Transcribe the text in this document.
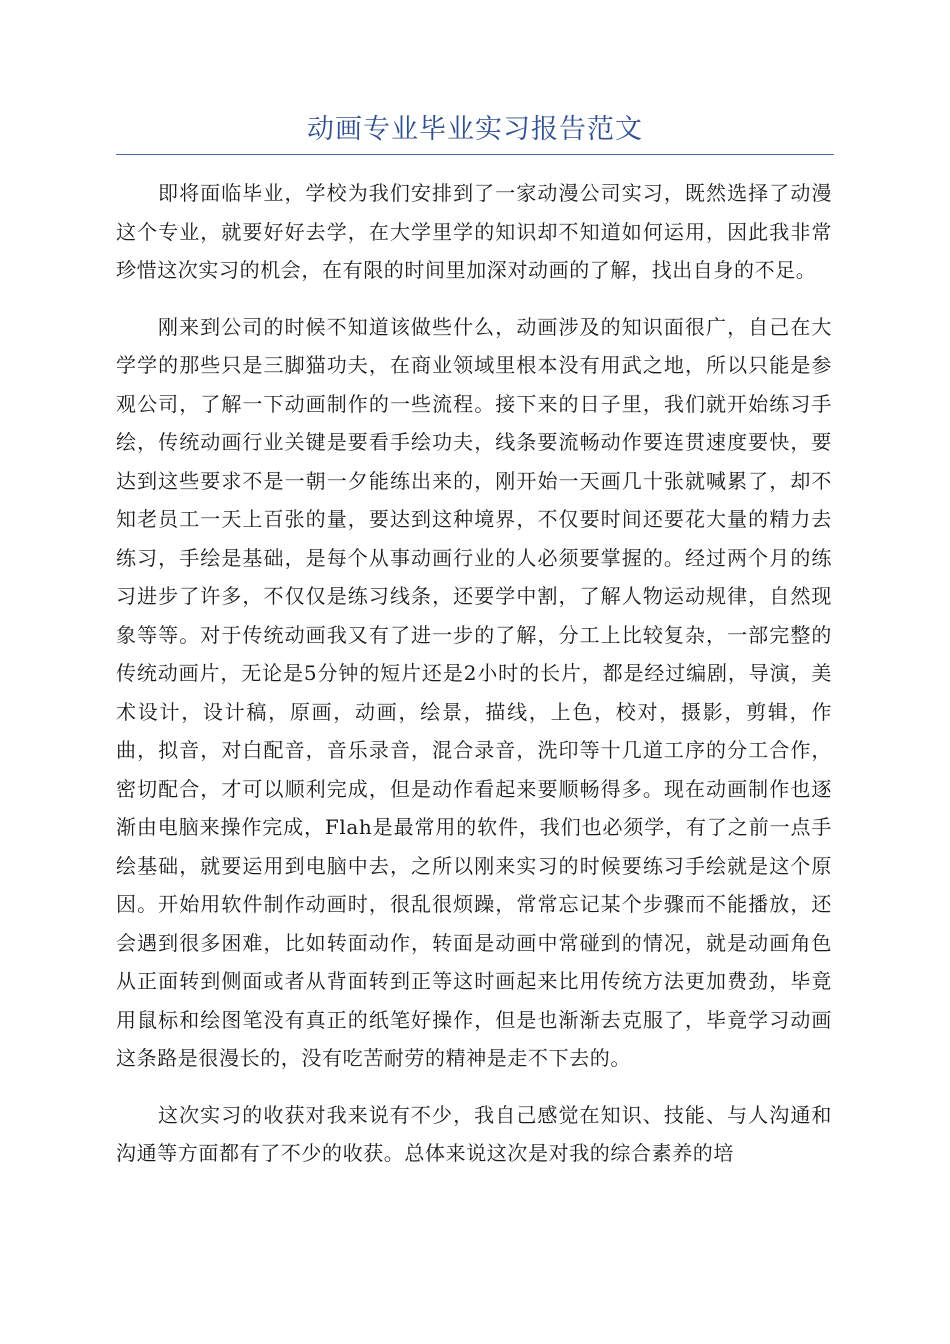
动画专业毕业实习报告范文

即将面临毕业，学校为我们安排到了一家动漫公司实习，既然选择了动漫这个专业，就要好好去学，在大学里学的知识却不知道如何运用，因此我非常珍惜这次实习的机会，在有限的时间里加深对动画的了解，找出自身的不足。

刚来到公司的时候不知道该做些什么，动画涉及的知识面很广，自己在大学学的那些只是三脚猫功夫，在商业领域里根本没有用武之地，所以只能是参观公司，了解一下动画制作的一些流程。接下来的日子里，我们就开始练习手绘，传统动画行业关键是要看手绘功夫，线条要流畅动作要连贯速度要快，要达到这些要求不是一朝一夕能练出来的，刚开始一天画几十张就喊累了，却不知老员工一天上百张的量，要达到这种境界，不仅要时间还要花大量的精力去练习，手绘是基础，是每个从事动画行业的人必须要掌握的。经过两个月的练习进步了许多，不仅仅是练习线条，还要学中割，了解人物运动规律，自然现象等等。对于传统动画我又有了进一步的了解，分工上比较复杂，一部完整的传统动画片，无论是5分钟的短片还是2小时的长片，都是经过编剧，导演，美术设计，设计稿，原画，动画，绘景，描线，上色，校对，摄影，剪辑，作曲，拟音，对白配音，音乐录音，混合录音，洗印等十几道工序的分工合作，密切配合，才可以顺利完成，但是动作看起来要顺畅得多。现在动画制作也逐渐由电脑来操作完成，Flah是最常用的软件，我们也必须学，有了之前一点手绘基础，就要运用到电脑中去，之所以刚来实习的时候要练习手绘就是这个原因。开始用软件制作动画时，很乱很烦躁，常常忘记某个步骤而不能播放，还会遇到很多困难，比如转面动作，转面是动画中常碰到的情况，就是动画角色从正面转到侧面或者从背面转到正等这时画起来比用传统方法更加费劲，毕竟用鼠标和绘图笔没有真正的纸笔好操作，但是也渐渐去克服了，毕竟学习动画这条路是很漫长的，没有吃苦耐劳的精神是走不下去的。

这次实习的收获对我来说有不少，我自己感觉在知识、技能、与人沟通和沟通等方面都有了不少的收获。总体来说这次是对我的综合素养的培
